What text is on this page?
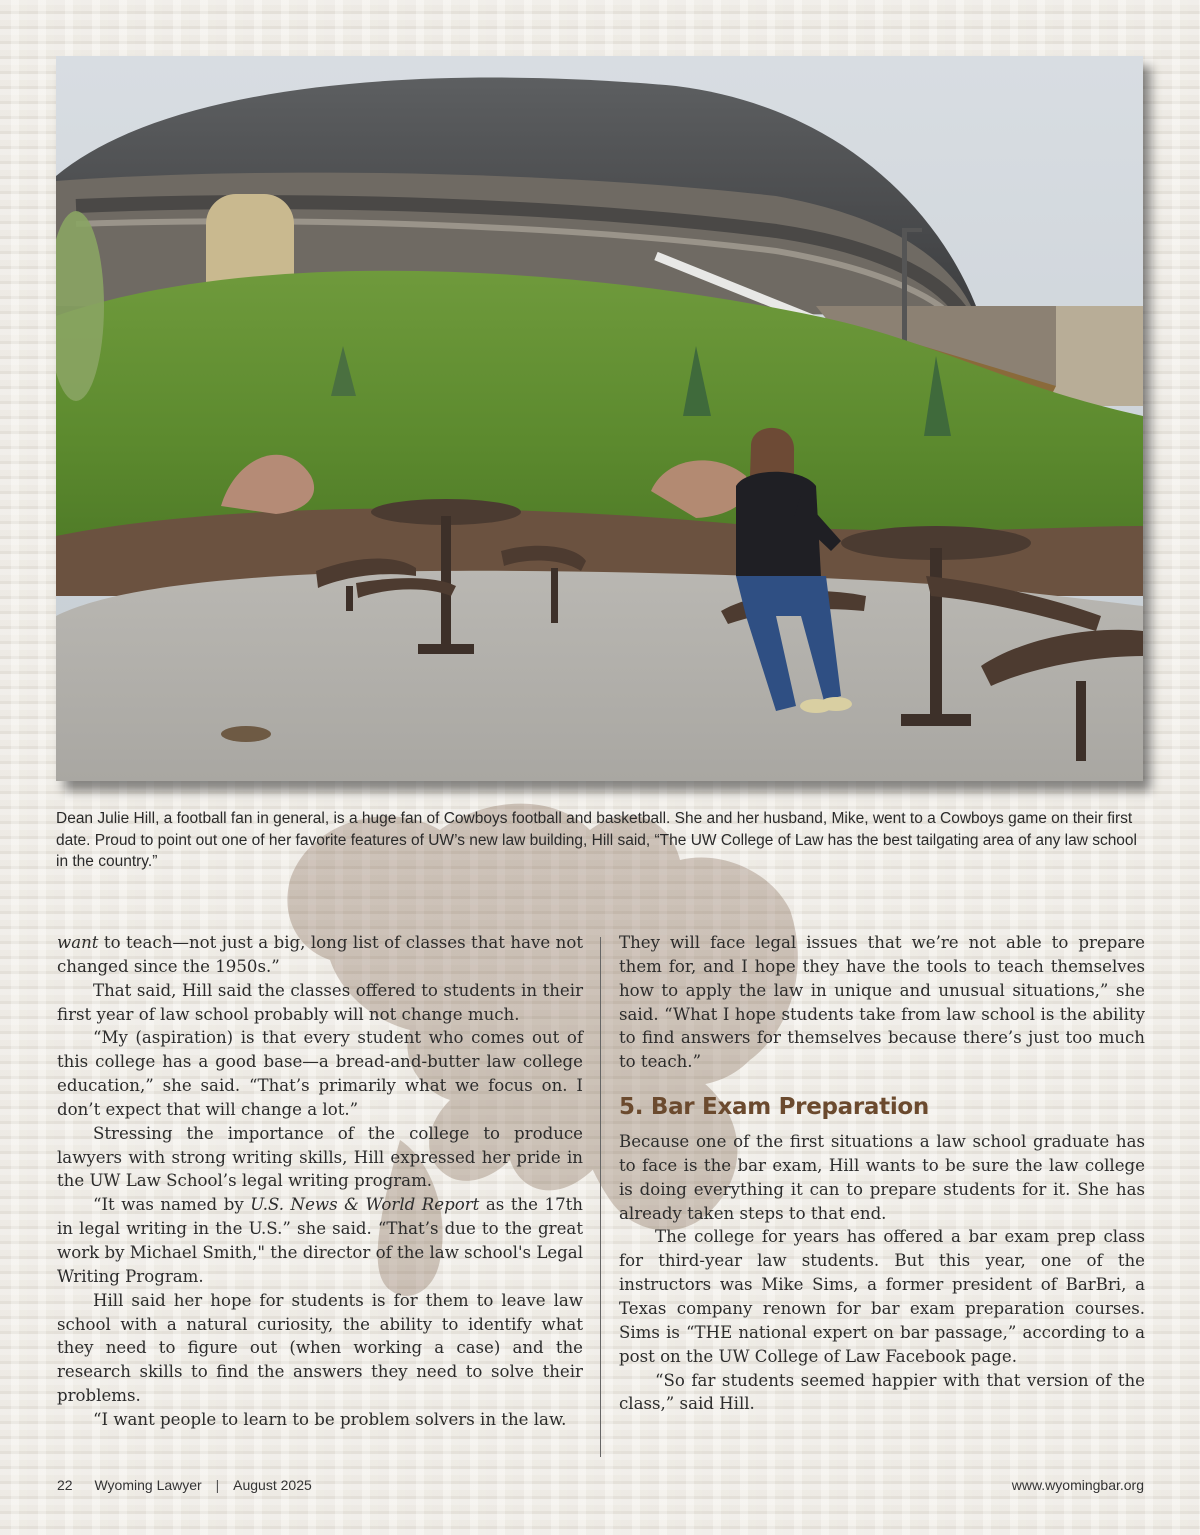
Dean Julie Hill, a football fan in general, is a huge fan of Cowboys football and basketball. She and her husband, Mike, went to a Cowboys game on their first date. Proud to point out one of her favorite features of UW’s new law building, Hill said, “The UW College of Law has the best tailgating area of any law school in the country.”

want to teach—not just a big, long list of classes that have not changed since the 1950s.”

That said, Hill said the classes offered to students in their first year of law school probably will not change much.

“My (aspiration) is that every student who comes out of this college has a good base—a bread-and-butter law college education,” she said. “That’s primarily what we focus on. I don’t expect that will change a lot.”

Stressing the importance of the college to produce lawyers with strong writing skills, Hill expressed her pride in the UW Law School’s legal writing program.

“It was named by U.S. News & World Report as the 17th in legal writing in the U.S.” she said. “That’s due to the great work by Michael Smith," the director of the law school's Legal Writing Program.

Hill said her hope for students is for them to leave law school with a natural curiosity, the ability to identify what they need to figure out (when working a case) and the research skills to find the answers they need to solve their problems.

“I want people to learn to be problem solvers in the law.

They will face legal issues that we’re not able to prepare them for, and I hope they have the tools to teach themselves how to apply the law in unique and unusual situations,” she said. “What I hope students take from law school is the ability to find answers for themselves because there’s just too much to teach.”

5. Bar Exam Preparation

Because one of the first situations a law school graduate has to face is the bar exam, Hill wants to be sure the law college is doing everything it can to prepare students for it. She has already taken steps to that end.

The college for years has offered a bar exam prep class for third-year law students. But this year, one of the instructors was Mike Sims, a former president of BarBri, a Texas company renown for bar exam preparation courses. Sims is “THE national expert on bar passage,” according to a post on the UW College of Law Facebook page.

“So far students seemed happier with that version of the class,” said Hill.

22 Wyoming Lawyer | August 2025	www.wyomingbar.org
